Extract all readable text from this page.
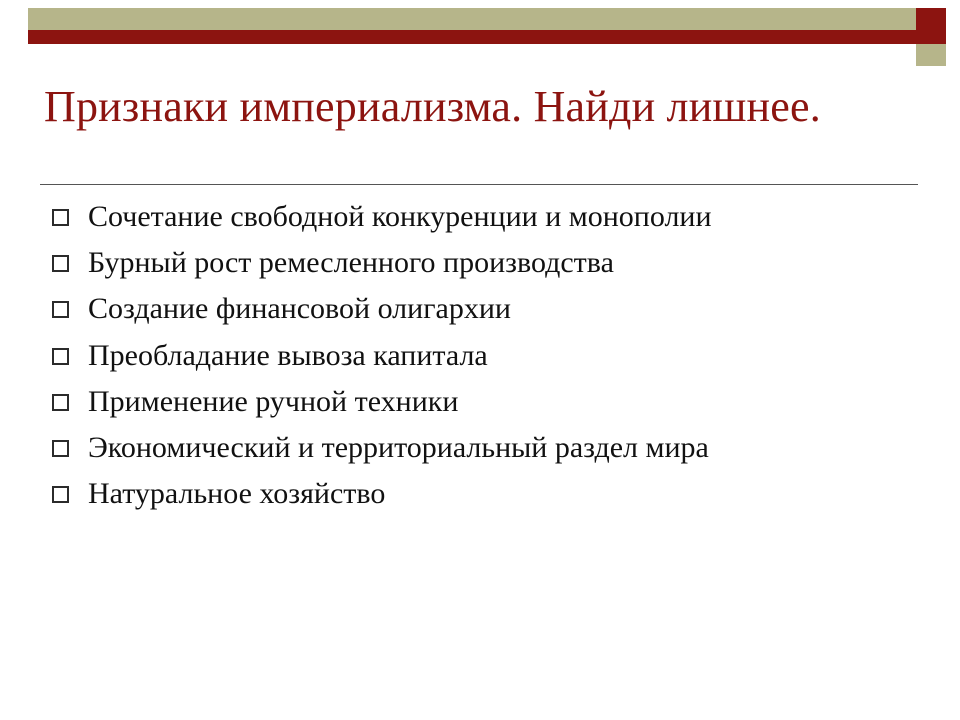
Признаки империализма. Найди лишнее.
Сочетание свободной конкуренции и монополии
Бурный рост ремесленного производства
Создание финансовой олигархии
Преобладание вывоза капитала
Применение ручной техники
Экономический и территориальный раздел мира
Натуральное хозяйство
